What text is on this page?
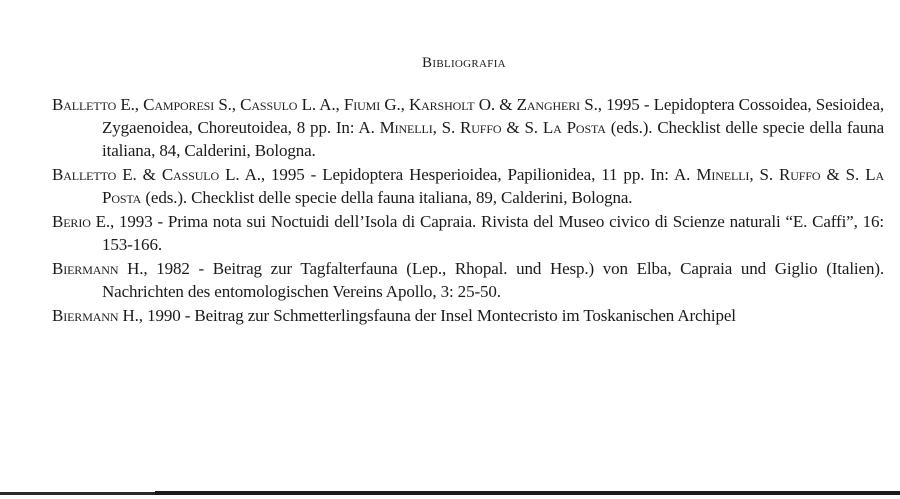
Bibliografia
Balletto E., Camporesi S., Cassulo L. A., Fiumi G., Karsholt O. & Zangheri S., 1995 - Lepidoptera Cossoidea, Sesioidea, Zygaenoidea, Choreutoidea, 8 pp. In: A. Minelli, S. Ruffo & S. La Posta (eds.). Checklist delle specie della fauna italiana, 84, Calderini, Bologna.
Balletto E. & Cassulo L. A., 1995 - Lepidoptera Hesperioidea, Papilionidea, 11 pp. In: A. Minelli, S. Ruffo & S. La Posta (eds.). Checklist delle specie della fauna italiana, 89, Calderini, Bologna.
Berio E., 1993 - Prima nota sui Noctuidi dell’Isola di Capraia. Rivista del Museo civico di Scienze naturali “E. Caffi”, 16: 153-166.
Biermann H., 1982 - Beitrag zur Tagfalterfauna (Lep., Rhopal. und Hesp.) von Elba, Capraia und Giglio (Italien). Nachrichten des entomologischen Vereins Apollo, 3: 25-50.
Biermann H., 1990 - Beitrag zur Schmetterlingsfauna der Insel Montecristo im Toskanischen Archipel
